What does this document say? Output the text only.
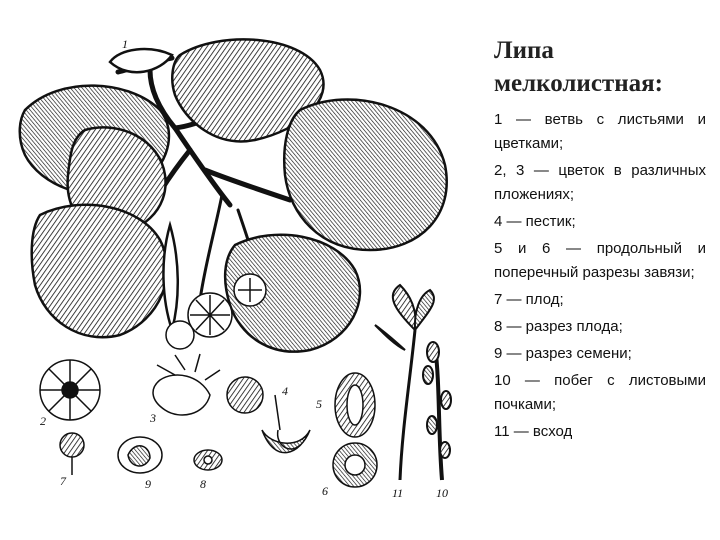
1
2	3
4
5
6
7	8
9
10
11
Липа мелколистная:
1 — ветвь с листьями и цветками;
2, 3 — цветок в различных пложениях;
4 — пестик;
5 и 6 — продольный и поперечный разрезы завязи;
7 — плод;
8 — разрез плода;
9 — разрез семени;
10 — побег с листовыми почками;
11 — всход
